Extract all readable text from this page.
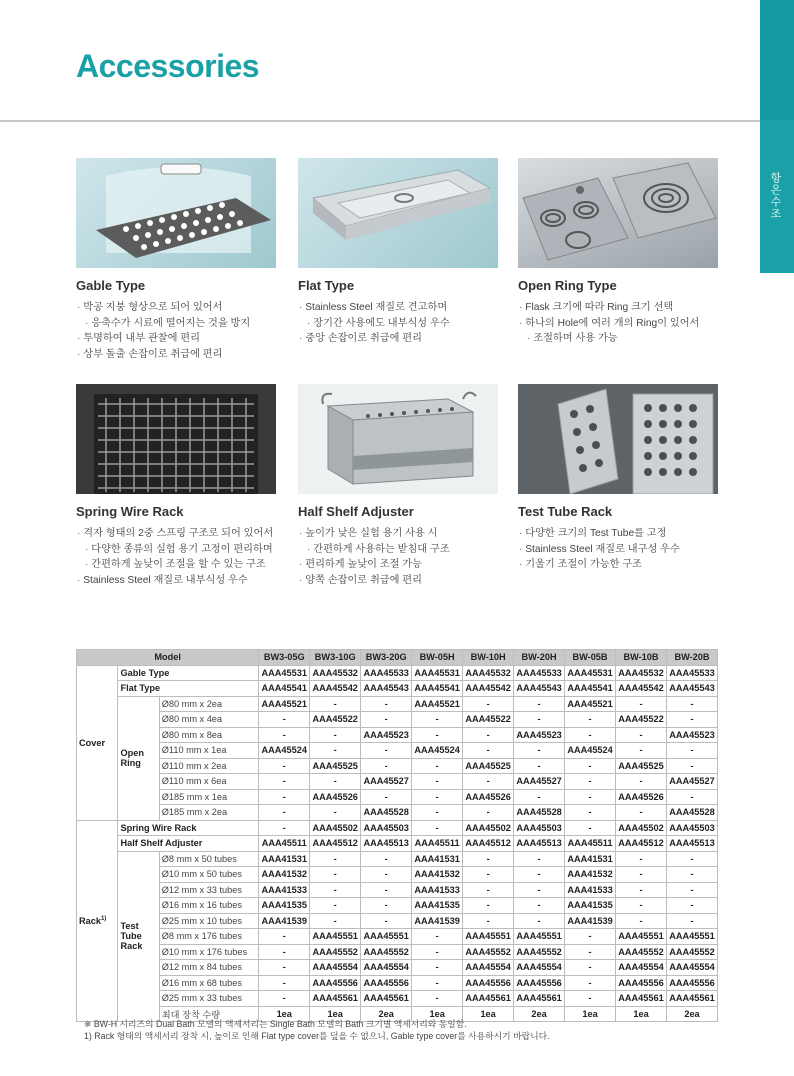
항온수조
Accessories
Gable Type
· 박공 지붕 형상으로 되어 있어서
· 응축수가 시료에 떨어지는 것을 방지
· 투명하여 내부 관찰에 편리
· 상부 돌출 손잡이로 취급에 편리
Flat Type
· Stainless Steel 재질로 견고하며
· 장기간 사용에도 내부식성 우수
· 중앙 손잡이로 취급에 편리
Open Ring Type
· Flask 크기에 따라 Ring 크기 선택
· 하나의 Hole에 여러 개의 Ring이 있어서
· 조절하며 사용 가능
Spring Wire Rack
· 격자 형태의 2중 스프링 구조로 되어 있어서
· 다양한 종류의 실험 용기 고정이 편리하며
· 간편하게 높낮이 조절을 할 수 있는 구조
· Stainless Steel 재질로 내부식성 우수
Half Shelf Adjuster
· 높이가 낮은 실험 용기 사용 시
· 간편하게 사용하는 받침대 구조
· 편리하게 높낮이 조절 가능
· 양쪽 손잡이로 취급에 편리
Test Tube Rack
· 다양한 크기의 Test Tube를 고정
· Stainless Steel 재질로 내구성 우수
· 기울기 조절이 가능한 구조
Model			BW3-05G	BW3-10G	BW3-20G	BW-05H	BW-10H	BW-20H	BW-05B	BW-10B	BW-20B
Cover	Gable Type		AAA45531	AAA45532	AAA45533	AAA45531	AAA45532	AAA45533	AAA45531	AAA45532	AAA45533
	Flat Type		AAA45541	AAA45542	AAA45543	AAA45541	AAA45542	AAA45543	AAA45541	AAA45542	AAA45543
	Open Ring	Ø80 mm x 2ea	AAA45521	-	-	AAA45521	-	-	AAA45521	-	-
		Ø80 mm x 4ea	-	AAA45522	-	-	AAA45522	-	-	AAA45522	-
		Ø80 mm x 8ea	-	-	AAA45523	-	-	AAA45523	-	-	AAA45523
		Ø110 mm x 1ea	AAA45524	-	-	AAA45524	-	-	AAA45524	-	-
		Ø110 mm x 2ea	-	AAA45525	-	-	AAA45525	-	-	AAA45525	-
		Ø110 mm x 6ea	-	-	AAA45527	-	-	AAA45527	-	-	AAA45527
		Ø185 mm x 1ea	-	AAA45526	-	-	AAA45526	-	-	AAA45526	-
		Ø185 mm x 2ea	-	-	AAA45528	-	-	AAA45528	-	-	AAA45528
Rack$^{1)}$	Spring Wire Rack		-	AAA45502	AAA45503	-	AAA45502	AAA45503	-	AAA45502	AAA45503
	Half Shelf Adjuster		AAA45511	AAA45512	AAA45513	AAA45511	AAA45512	AAA45513	AAA45511	AAA45512	AAA45513
	Test Tube Rack	Ø8 mm x 50 tubes	AAA41531	-	-	AAA41531	-	-	AAA41531	-	-
		Ø10 mm x 50 tubes	AAA41532	-	-	AAA41532	-	-	AAA41532	-	-
		Ø12 mm x 33 tubes	AAA41533	-	-	AAA41533	-	-	AAA41533	-	-
		Ø16 mm x 16 tubes	AAA41535	-	-	AAA41535	-	-	AAA41535	-	-
		Ø25 mm x 10 tubes	AAA41539	-	-	AAA41539	-	-	AAA41539	-	-
		Ø8 mm x 176 tubes	-	AAA45551	AAA45551	-	AAA45551	AAA45551	-	AAA45551	AAA45551
		Ø10 mm x 176 tubes	-	AAA45552	AAA45552	-	AAA45552	AAA45552	-	AAA45552	AAA45552
		Ø12 mm x 84 tubes	-	AAA45554	AAA45554	-	AAA45554	AAA45554	-	AAA45554	AAA45554
		Ø16 mm x 68 tubes	-	AAA45556	AAA45556	-	AAA45556	AAA45556	-	AAA45556	AAA45556
		Ø25 mm x 33 tubes	-	AAA45561	AAA45561	-	AAA45561	AAA45561	-	AAA45561	AAA45561
		최대 장착 수량	1ea	1ea	2ea	1ea	1ea	2ea	1ea	1ea	2ea
※ BW-H 시리즈의 Dual Bath 모델의 액세서리는 Single Bath 모델의 Bath 크기별 액세서리와 동일함.
1) Rack 형태의 액세서리 장착 시, 높이로 인해 Flat type cover를 덮을 수 없으니, Gable type cover를 사용하시기 바랍니다.
